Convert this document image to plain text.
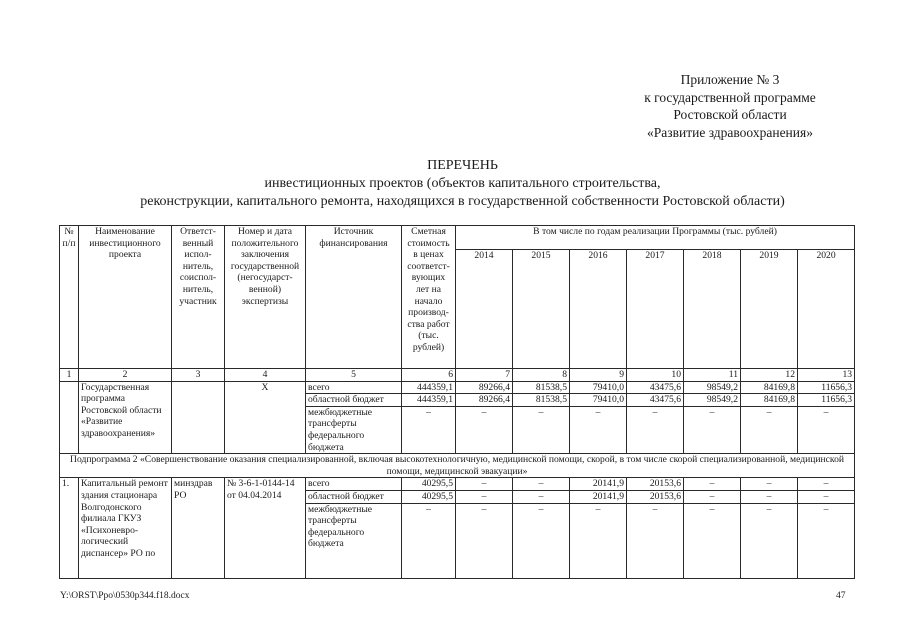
Приложение № 3
к государственной программе
Ростовской области
«Развитие здравоохранения»
ПЕРЕЧЕНЬ
инвестиционных проектов (объектов капитального строительства,
реконструкции, капитального ремонта, находящихся в государственной собственности Ростовской области)
№ п/п	Наименование инвестиционного проекта	Ответст-венный испол-нитель, соиспол-нитель, участник	Номер и дата положительного заключения государственной (негосударст-венной) экспертизы	Источник финансирования	Сметная стоимость в ценах соответст-вующих лет на начало производ-ства работ (тыс. рублей)	В том числе по годам реализации Программы (тыс. рублей)						
						2014	2015	2016	2017	2018	2019	2020
1	2	3	4	5	6	7	8	9	10	11	12	13
	Государственная программа Ростовской области «Развитие здравоохранения»		Х	всего	444359,1	89266,4	81538,5	79410,0	43475,6	98549,2	84169,8	11656,3
				областной бюджет	444359,1	89266,4	81538,5	79410,0	43475,6	98549,2	84169,8	11656,3
				межбюджетные трансферты федерального бюджета	–	–	–	–	–	–	–	–
Подпрограмма 2 «Совершенствование оказания специализированной, включая высокотехнологичную, медицинской помощи, скорой, в том числе скорой специализированной, медицинской помощи, медицинской эвакуации»												
1.	Капитальный ремонт здания стационара Волгодонского филиала ГКУЗ «Психоневро-логический диспансер» РО по	минздрав РО	№ 3-6-1-0144-14 от 04.04.2014	всего	40295,5	–	–	20141,9	20153,6	–	–	–
				областной бюджет	40295,5	–	–	20141,9	20153,6	–	–	–
				межбюджетные трансферты федерального бюджета	–	–	–	–	–	–	–	–
Y:\ORST\Ppo\0530p344.f18.docx	47
